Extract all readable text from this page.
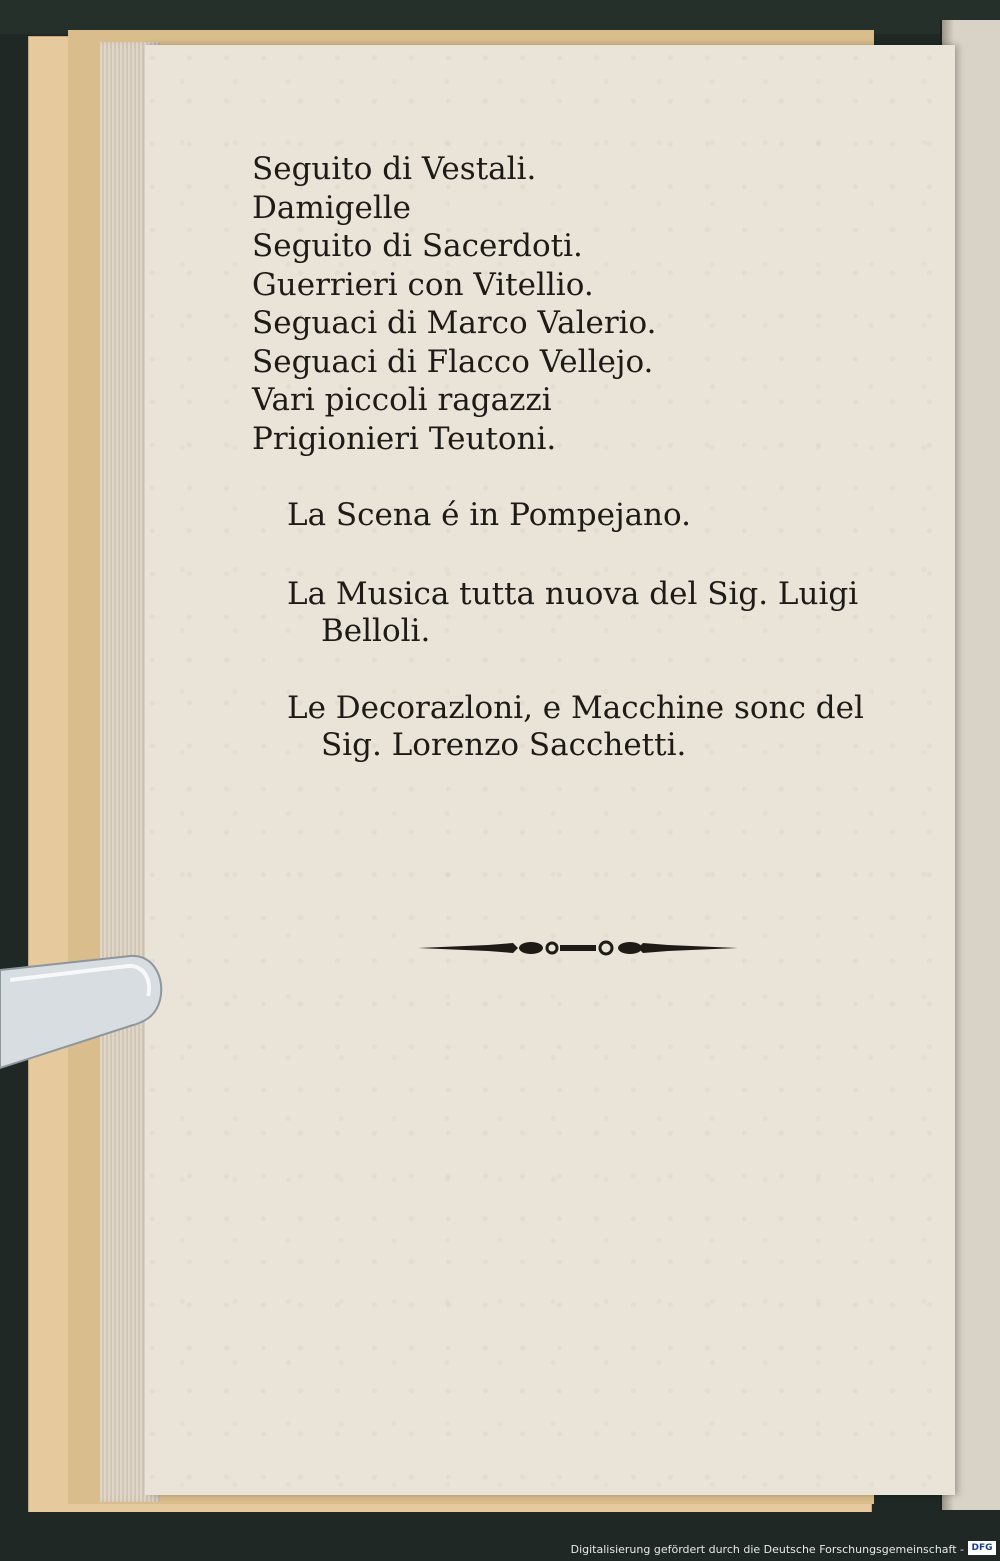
Seguito di Vestali.

Damigelle

Seguito di Sacerdoti.

Guerrieri con Vitellio.

Seguaci di Marco Valerio.

Seguaci di Flacco Vellejo.

Vari piccoli ragazzi

Prigionieri Teutoni.

La Scena é in Pompejano.

La Musica tutta nuova del Sig. Luigi Belloli.

Le Decorazloni, e Macchine sonc del Sig. Lorenzo Sacchetti.

Digitalisierung gefördert durch die Deutsche Forschungsgemeinschaft - DFG
